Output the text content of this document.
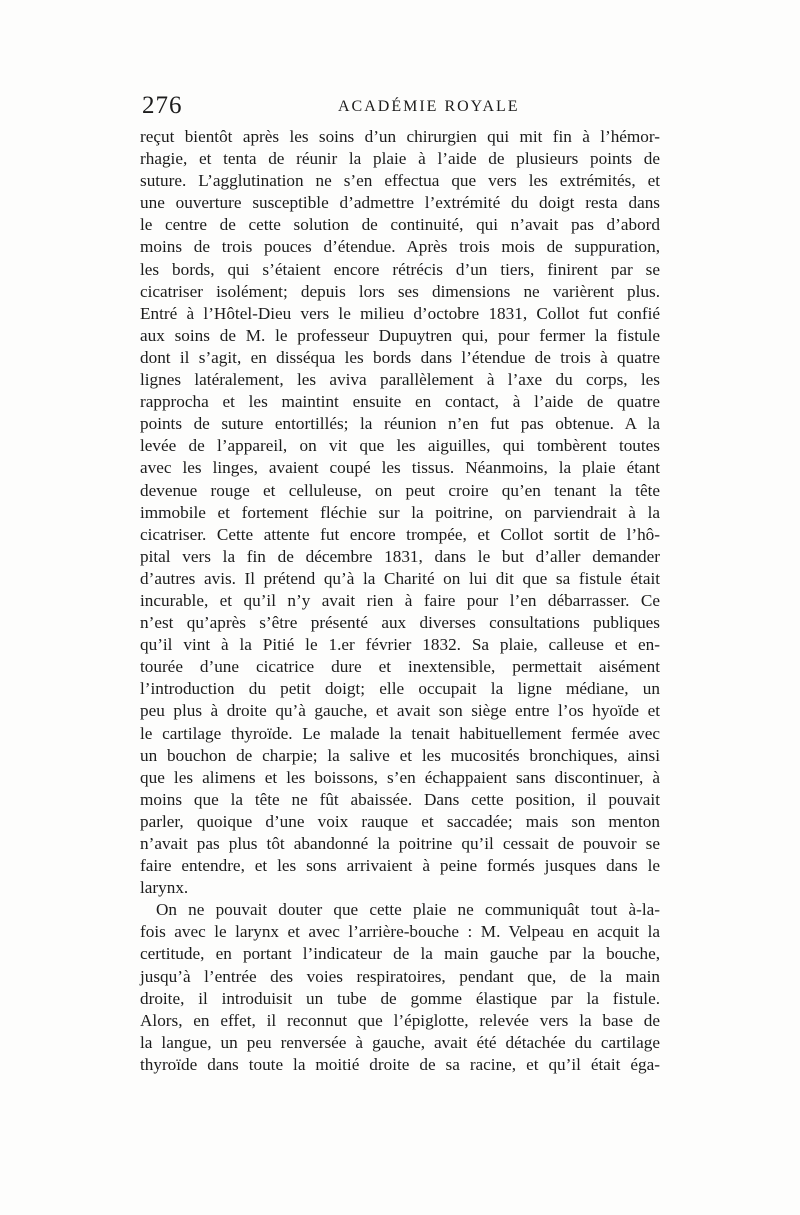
276	ACADÉMIE ROYALE
reçut bientôt après les soins d’un chirurgien qui mit fin à l’hémor-
rhagie, et tenta de réunir la plaie à l’aide de plusieurs points de
suture. L’agglutination ne s’en effectua que vers les extrémités, et
une ouverture susceptible d’admettre l’extrémité du doigt resta dans
le centre de cette solution de continuité, qui n’avait pas d’abord
moins de trois pouces d’étendue. Après trois mois de suppuration,
les bords, qui s’étaient encore rétrécis d’un tiers, finirent par se
cicatriser isolément; depuis lors ses dimensions ne varièrent plus.
Entré à l’Hôtel-Dieu vers le milieu d’octobre 1831, Collot fut confié
aux soins de M. le professeur Dupuytren qui, pour fermer la fistule
dont il s’agit, en disséqua les bords dans l’étendue de trois à quatre
lignes latéralement, les aviva parallèlement à l’axe du corps, les
rapprocha et les maintint ensuite en contact, à l’aide de quatre
points de suture entortillés; la réunion n’en fut pas obtenue. A la
levée de l’appareil, on vit que les aiguilles, qui tombèrent toutes
avec les linges, avaient coupé les tissus. Néanmoins, la plaie étant
devenue rouge et celluleuse, on peut croire qu’en tenant la tête
immobile et fortement fléchie sur la poitrine, on parviendrait à la
cicatriser. Cette attente fut encore trompée, et Collot sortit de l’hô-
pital vers la fin de décembre 1831, dans le but d’aller demander
d’autres avis. Il prétend qu’à la Charité on lui dit que sa fistule était
incurable, et qu’il n’y avait rien à faire pour l’en débarrasser. Ce
n’est qu’après s’être présenté aux diverses consultations publiques
qu’il vint à la Pitié le 1.er février 1832. Sa plaie, calleuse et en-
tourée d’une cicatrice dure et inextensible, permettait aisément
l’introduction du petit doigt; elle occupait la ligne médiane, un
peu plus à droite qu’à gauche, et avait son siège entre l’os hyoïde et
le cartilage thyroïde. Le malade la tenait habituellement fermée avec
un bouchon de charpie; la salive et les mucosités bronchiques, ainsi
que les alimens et les boissons, s’en échappaient sans discontinuer, à
moins que la tête ne fût abaissée. Dans cette position, il pouvait
parler, quoique d’une voix rauque et saccadée; mais son menton
n’avait pas plus tôt abandonné la poitrine qu’il cessait de pouvoir se
faire entendre, et les sons arrivaient à peine formés jusques dans le
larynx.
On ne pouvait douter que cette plaie ne communiquât tout à-la-
fois avec le larynx et avec l’arrière-bouche : M. Velpeau en acquit la
certitude, en portant l’indicateur de la main gauche par la bouche,
jusqu’à l’entrée des voies respiratoires, pendant que, de la main
droite, il introduisit un tube de gomme élastique par la fistule.
Alors, en effet, il reconnut que l’épiglotte, relevée vers la base de
la langue, un peu renversée à gauche, avait été détachée du cartilage
thyroïde dans toute la moitié droite de sa racine, et qu’il était éga-
